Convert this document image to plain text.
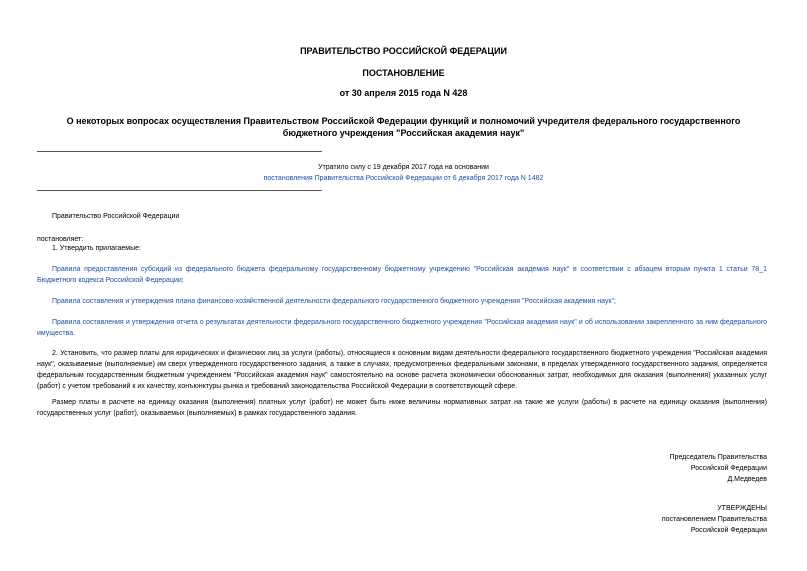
ПРАВИТЕЛЬСТВО РОССИЙСКОЙ ФЕДЕРАЦИИ
ПОСТАНОВЛЕНИЕ
от 30 апреля 2015 года N 428
О некоторых вопросах осуществления Правительством Российской Федерации функций и полномочий учредителя федерального государственного бюджетного учреждения "Российская академия наук"
Утратило силу с 19 декабря 2017 года на основании
постановления Правительства Российской Федерации от 6 декабря 2017 года N 1482
Правительство Российской Федерации
постановляет:
1. Утвердить прилагаемые:
Правила предоставления субсидий из федерального бюджета федеральному государственному бюджетному учреждению "Российская академия наук" в соответствии с абзацем вторым пункта 1 статьи 78_1 Бюджетного кодекса Российской Федерации;
Правила составления и утверждения плана финансово-хозяйственной деятельности федерального государственного бюджетного учреждения "Российская академия наук";
Правила составления и утверждения отчета о результатах деятельности федерального государственного бюджетного учреждения "Российская академия наук" и об использовании закрепленного за ним федерального имущества.
2. Установить, что размер платы для юридических и физических лиц за услуги (работы), относящиеся к основным видам деятельности федерального государственного бюджетного учреждения "Российская академия наук", оказываемые (выполняемые) им сверх утвержденного государственного задания, а также в случаях, предусмотренных федеральными законами, в пределах утвержденного государственного задания, определяется федеральным государственным бюджетным учреждением "Российская академия наук" самостоятельно на основе расчета экономически обоснованных затрат, необходимых для оказания (выполнения) указанных услуг (работ) с учетом требований к их качеству, конъюнктуры рынка и требований законодательства Российской Федерации в соответствующей сфере.
Размер платы в расчете на единицу оказания (выполнения) платных услуг (работ) не может быть ниже величины нормативных затрат на такие же услуги (работы) в расчете на единицу оказания (выполнения) государственных услуг (работ), оказываемых (выполняемых) в рамках государственного задания.
Председатель Правительства
Российской Федерации
Д.Медведев
УТВЕРЖДЕНЫ
постановлением Правительства
Российской Федерации
